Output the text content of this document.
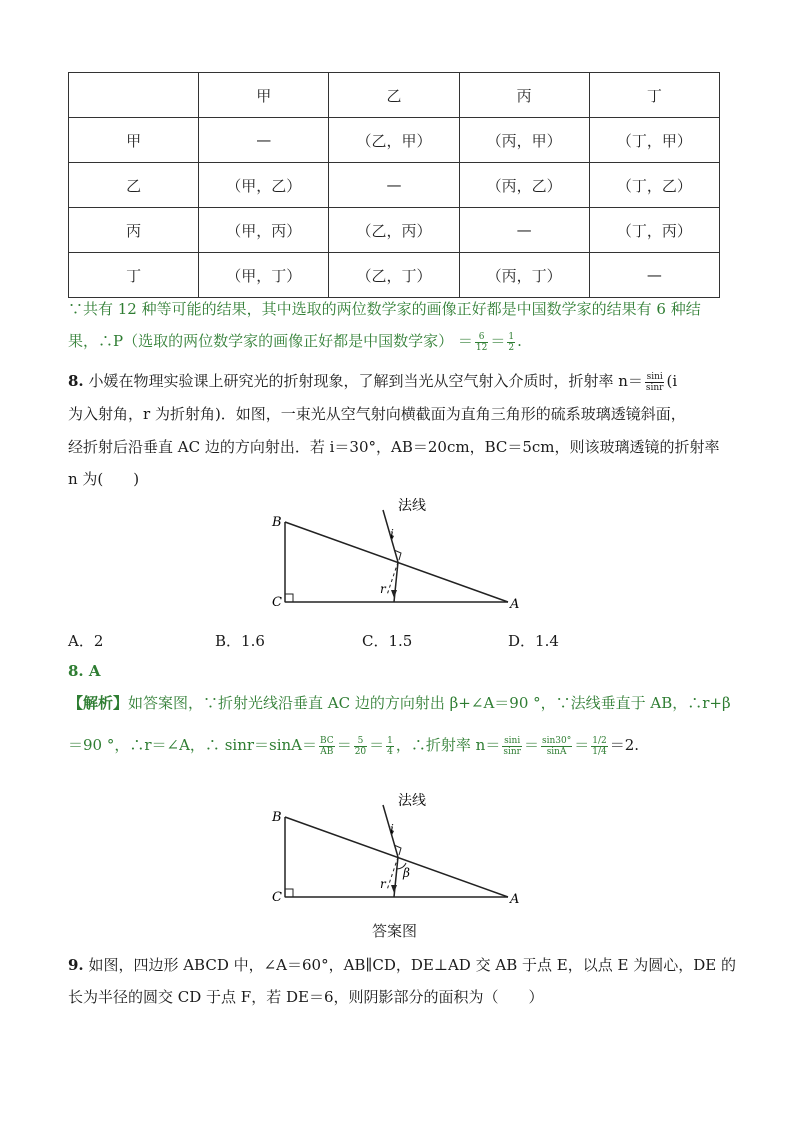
	甲	乙	丙	丁
甲	—	（乙，甲）	（丙，甲）	（丁，甲）
乙	（甲，乙）	—	（丙，乙）	（丁，乙）
丙	（甲，丙）	（乙，丙）	—	（丁，丙）
丁	（甲，丁）	（乙，丁）	（丙，丁）	—
∵共有 12 种等可能的结果，其中选取的两位数学家的画像正好都是中国数学家的结果有 6 种结
果，∴P（选取的两位数学家的画像正好都是中国数学家） ＝ $\frac{6}{12} = \frac{1}{2}$ .
8. 小媛在物理实验课上研究光的折射现象，了解到当光从空气射入介质时，折射率 $n= \frac{\sin i}{\sin r} (i$
为入射角，r 为折射角)．如图，一束光从空气射向横截面为直角三角形的硫系玻璃透镜斜面，
经折射后沿垂直 AC 边的方向射出．若 i＝30°，AB＝20cm，BC＝5cm，则该玻璃透镜的折射率
n 为(　　)
法线
B
C	A
i
r
A．2	B．1.6	C．1.5	D．1.4
8. A
【解析】如答案图，∵折射光线沿垂直 AC 边的方向射出 β+∠A＝90 °，∵法线垂直于 AB，∴r+β
＝90 °，∴r＝∠A，∴ $\sin r=\sin A= \frac{BC}{AB} = \frac{5}{20} = \frac{1}{4}$ ，∴折射率 $n= \frac{\sin i}{\sin r} = \frac{\sin 30^\circ}{\sin A} = \frac{1/2}{1/4} =2$.
法线
B
C	A
i
r
β
答案图
9. 如图，四边形 ABCD 中，∠A＝60°，AB∥CD，DE⊥AD 交 AB 于点 E，以点 E 为圆心，DE 的
长为半径的圆交 CD 于点 F，若 DE＝6，则阴影部分的面积为（　　）
